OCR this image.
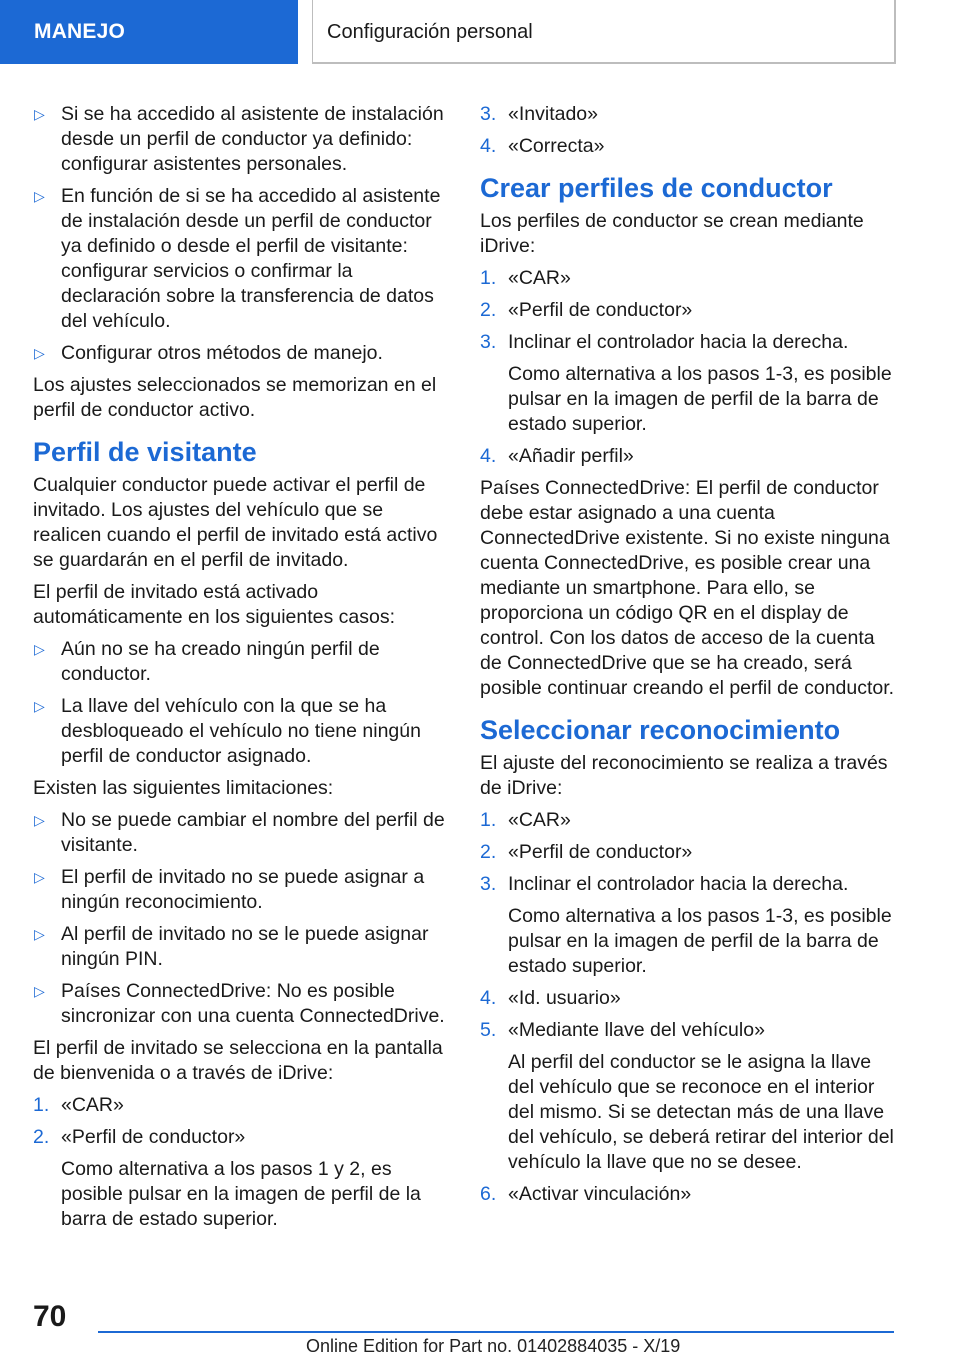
MANEJO	Configuración personal
▷ Si se ha accedido al asistente de instalación desde un perfil de conductor ya definido: configurar asistentes personales.
▷ En función de si se ha accedido al asistente de instalación desde un perfil de conductor ya definido o desde el perfil de visitante: configurar servicios o confirmar la declaración sobre la transferencia de datos del vehículo.
▷ Configurar otros métodos de manejo.

Los ajustes seleccionados se memorizan en el perfil de conductor activo.

Perfil de visitante

Cualquier conductor puede activar el perfil de invitado. Los ajustes del vehículo que se realicen cuando el perfil de invitado está activo se guardarán en el perfil de invitado.

El perfil de invitado está activado automáticamente en los siguientes casos:

▷ Aún no se ha creado ningún perfil de conductor.
▷ La llave del vehículo con la que se ha desbloqueado el vehículo no tiene ningún perfil de conductor asignado.

Existen las siguientes limitaciones:

▷ No se puede cambiar el nombre del perfil de visitante.
▷ El perfil de invitado no se puede asignar a ningún reconocimiento.
▷ Al perfil de invitado no se le puede asignar ningún PIN.
▷ Países ConnectedDrive: No es posible sincronizar con una cuenta ConnectedDrive.

El perfil de invitado se selecciona en la pantalla de bienvenida o a través de iDrive:

1. «CAR»
2. «Perfil de conductor»
Como alternativa a los pasos 1 y 2, es posible pulsar en la imagen de perfil de la barra de estado superior.
3. «Invitado»
4. «Correcta»
Crear perfiles de conductor

Los perfiles de conductor se crean mediante iDrive:

1. «CAR»
2. «Perfil de conductor»
3. Inclinar el controlador hacia la derecha.
Como alternativa a los pasos 1-3, es posible pulsar en la imagen de perfil de la barra de estado superior.
4. «Añadir perfil»

Países ConnectedDrive: El perfil de conductor debe estar asignado a una cuenta ConnectedDrive existente. Si no existe ninguna cuenta ConnectedDrive, es posible crear una mediante un smartphone. Para ello, se proporciona un código QR en el display de control. Con los datos de acceso de la cuenta de ConnectedDrive que se ha creado, será posible continuar creando el perfil de conductor.

Seleccionar reconocimiento

El ajuste del reconocimiento se realiza a través de iDrive:

1. «CAR»
2. «Perfil de conductor»
3. Inclinar el controlador hacia la derecha.
Como alternativa a los pasos 1-3, es posible pulsar en la imagen de perfil de la barra de estado superior.
4. «Id. usuario»
5. «Mediante llave del vehículo»
Al perfil del conductor se le asigna la llave del vehículo que se reconoce en el interior del mismo. Si se detectan más de una llave del vehículo, se deberá retirar del interior del vehículo la llave que no se desee.
6. «Activar vinculación»
70
Online Edition for Part no. 01402884035 - X/19
